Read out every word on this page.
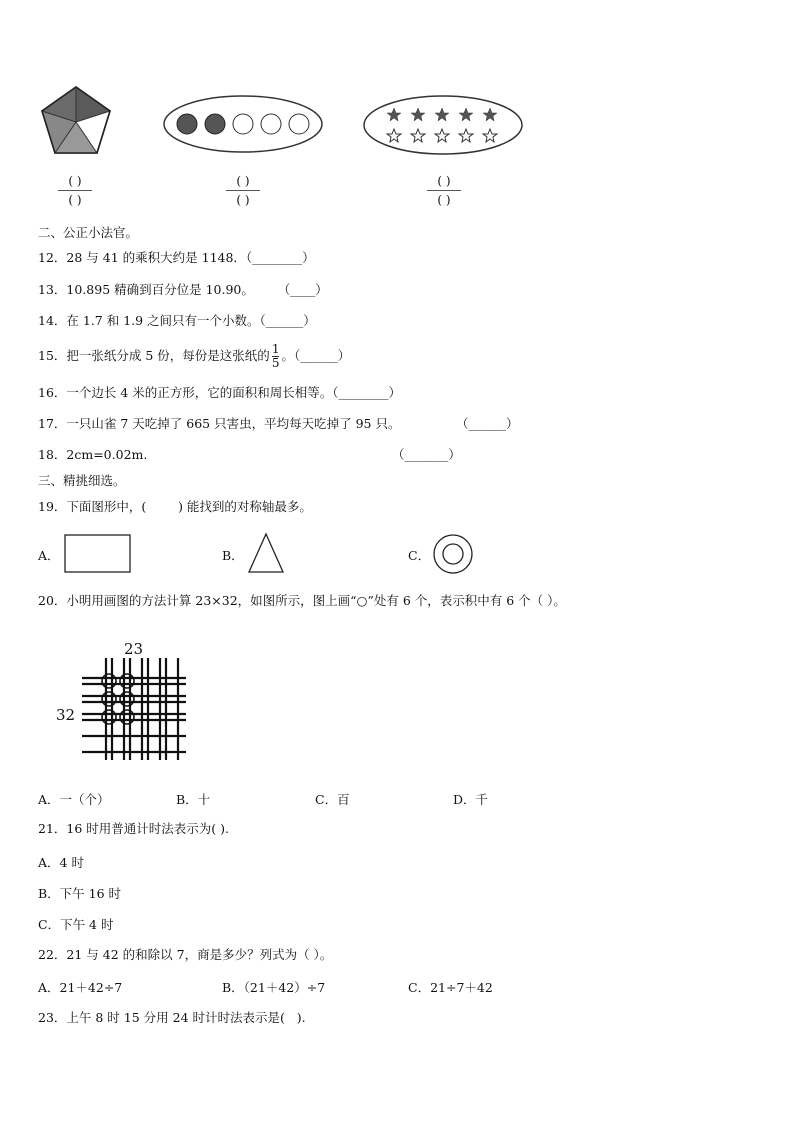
( )
( )
( )
( )
( )
( )
二、公正小法官。
12．28 与 41 的乘积大约是 1148．（________）
13．10.895 精确到百分位是 10.90。      （____）
14．在 1.7 和 1.9 之间只有一个小数。（______）
15．把一张纸分成 5 份，每份是这张纸的 $\frac{1}{5}$ 。（______）
16．一个边长 4 米的正方形，它的面积和周长相等。（________）
17．一只山雀 7 天吃掉了 665 只害虫，平均每天吃掉了 95 只。	（______）
18．2cm=0.02m.	（_______）
三、精挑细选。
19．下面图形中，(        ) 能找到的对称轴最多。
A．	B．	C．
20．小明用画图的方法计算 23×32，如图所示，图上画“○”处有 6 个，表示积中有 6 个（ ）。
23
32
A．一（个）	B．十	C．百	D．千
21．16 时用普通计时法表示为( ).
A．4 时
B．下午 16 时
C．下午 4 时
22．21 与 42 的和除以 7，商是多少？列式为（ ）。
A．21＋42÷7	B．（21＋42）÷7	C．21÷7＋42
23．上午 8 时 15 分用 24 时计时法表示是(   ).
